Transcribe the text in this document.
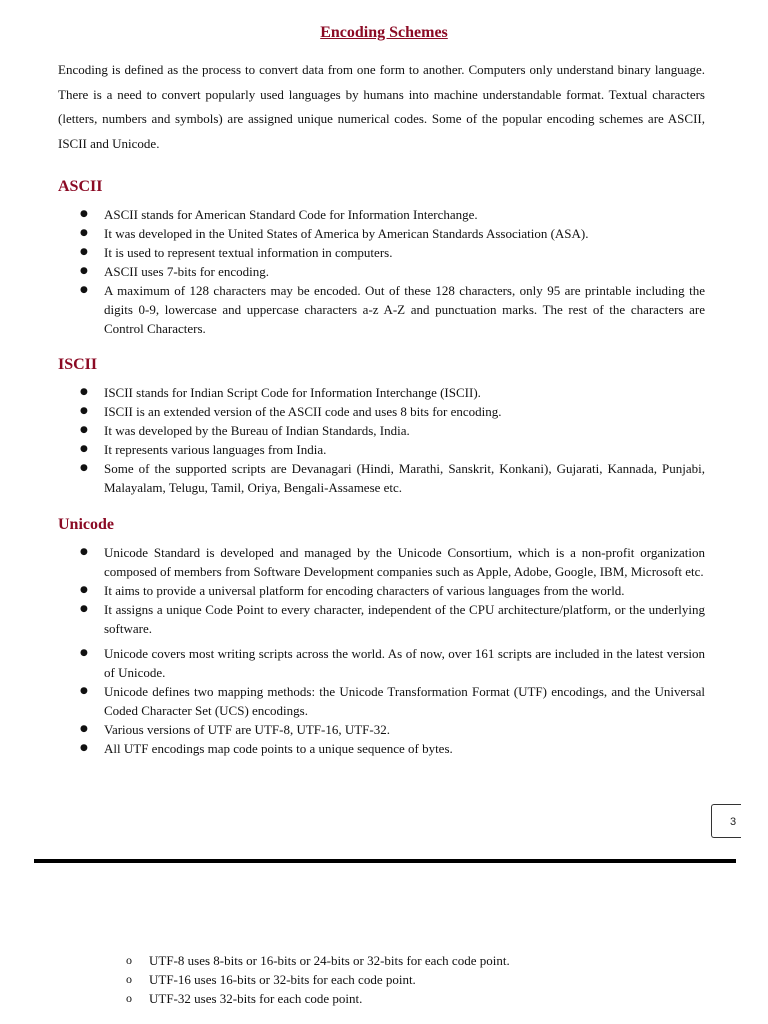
Encoding Schemes

Encoding is defined as the process to convert data from one form to another. Computers only understand binary language. There is a need to convert popularly used languages by humans into machine understandable format. Textual characters (letters, numbers and symbols) are assigned unique numerical codes. Some of the popular encoding schemes are ASCII, ISCII and Unicode.

ASCII
● ASCII stands for American Standard Code for Information Interchange.
● It was developed in the United States of America by American Standards Association (ASA).
● It is used to represent textual information in computers.
● ASCII uses 7-bits for encoding.
● A maximum of 128 characters may be encoded. Out of these 128 characters, only 95 are printable including the digits 0-9, lowercase and uppercase characters a-z A-Z and punctuation marks. The rest of the characters are Control Characters.
ISCII
● ISCII stands for Indian Script Code for Information Interchange (ISCII).
● ISCII is an extended version of the ASCII code and uses 8 bits for encoding.
● It was developed by the Bureau of Indian Standards, India.
● It represents various languages from India.
● Some of the supported scripts are Devanagari (Hindi, Marathi, Sanskrit, Konkani), Gujarati, Kannada, Punjabi, Malayalam, Telugu, Tamil, Oriya, Bengali-Assamese etc.
Unicode
● Unicode Standard is developed and managed by the Unicode Consortium, which is a non-profit organization composed of members from Software Development companies such as Apple, Adobe, Google, IBM, Microsoft etc.
● It aims to provide a universal platform for encoding characters of various languages from the world.
● It assigns a unique Code Point to every character, independent of the CPU architecture/platform, or the underlying software.
● Unicode covers most writing scripts across the world. As of now, over 161 scripts are included in the latest version of Unicode.
● Unicode defines two mapping methods: the Unicode Transformation Format (UTF) encodings, and the Universal Coded Character Set (UCS) encodings.
● Various versions of UTF are UTF-8, UTF-16, UTF-32.
● All UTF encodings map code points to a unique sequence of bytes.
3
o UTF-8 uses 8-bits or 16-bits or 24-bits or 32-bits for each code point.
o UTF-16 uses 16-bits or 32-bits for each code point.
o UTF-32 uses 32-bits for each code point.
